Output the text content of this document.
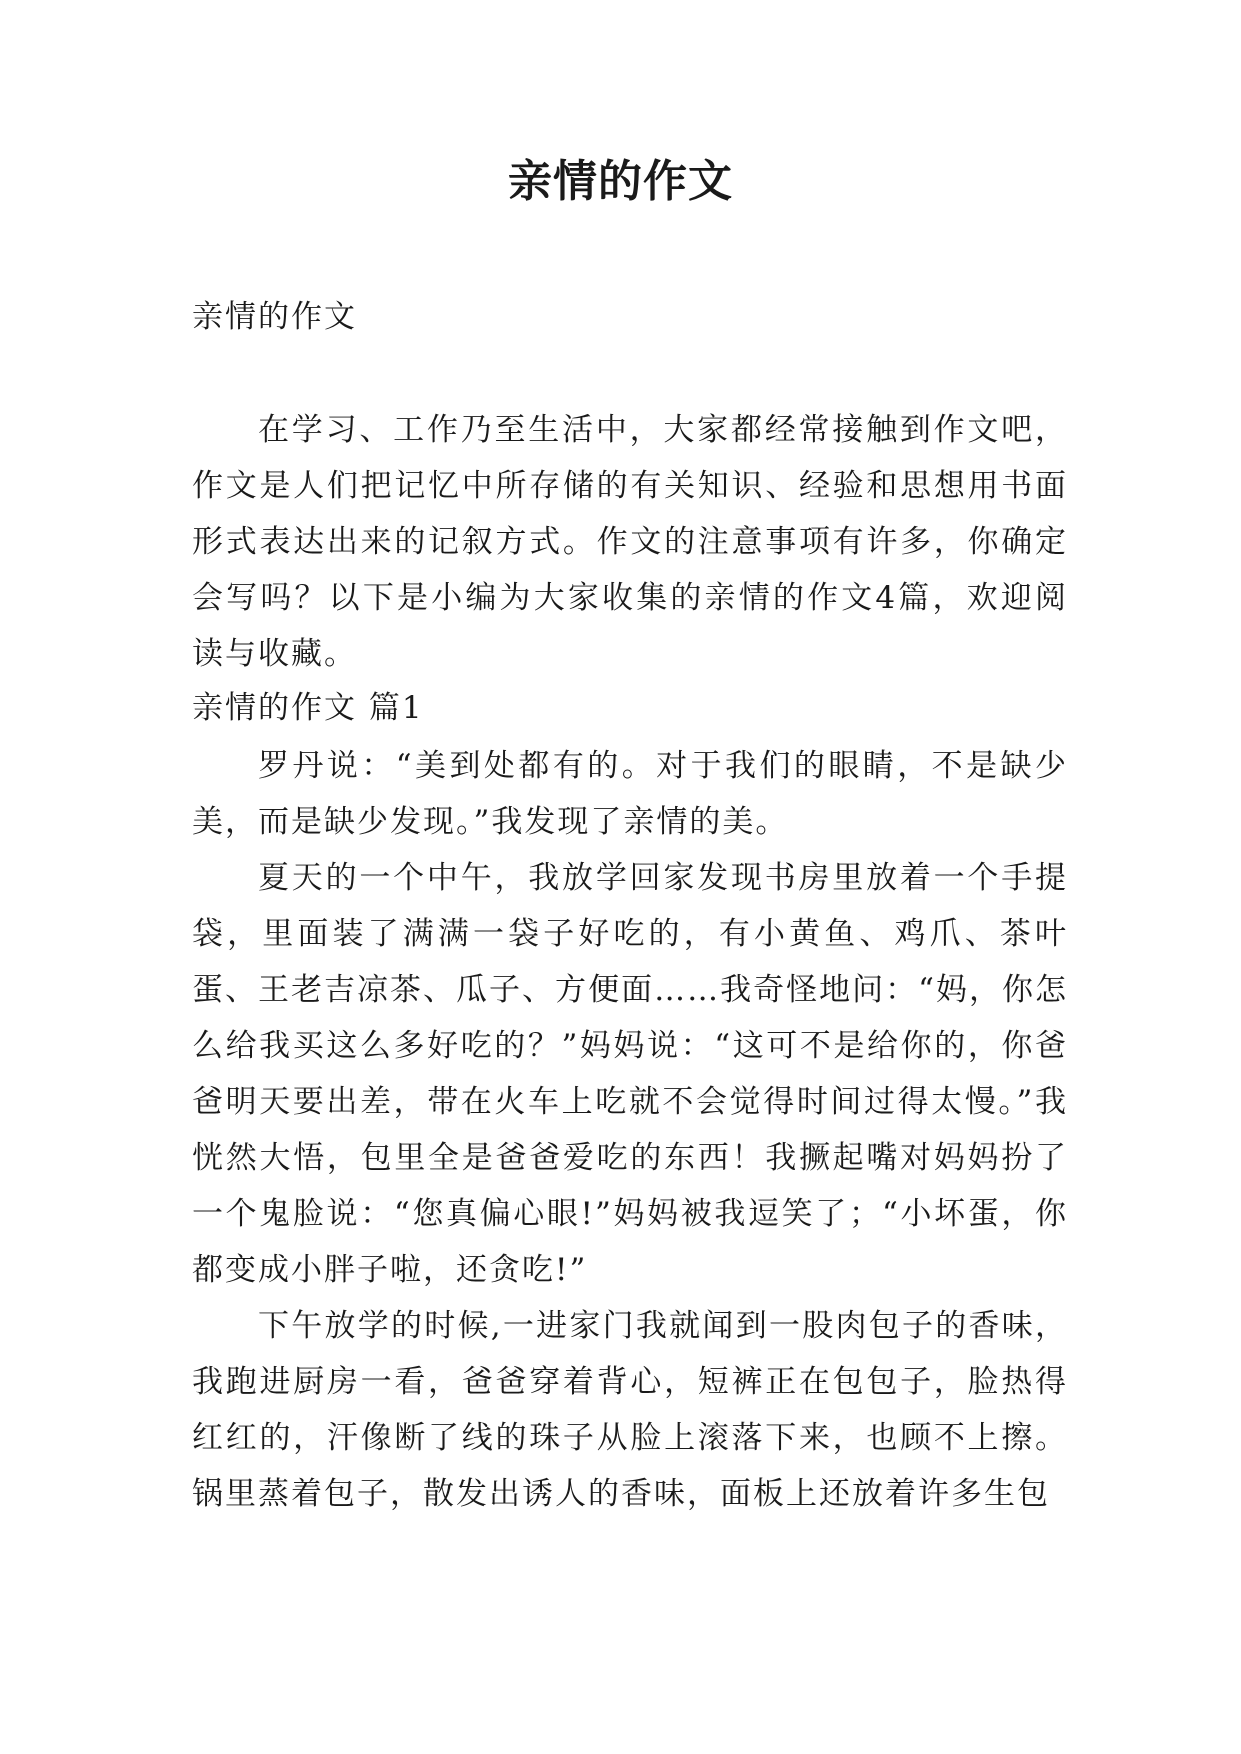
亲情的作文

亲情的作文

在学习、工作乃至生活中，大家都经常接触到作文吧，作文是人们把记忆中所存储的有关知识、经验和思想用书面形式表达出来的记叙方式。作文的注意事项有许多，你确定会写吗？以下是小编为大家收集的亲情的作文4篇，欢迎阅读与收藏。

亲情的作文 篇1

罗丹说：“美到处都有的。对于我们的眼睛，不是缺少美，而是缺少发现。”我发现了亲情的美。

夏天的一个中午，我放学回家发现书房里放着一个手提袋，里面装了满满一袋子好吃的，有小黄鱼、鸡爪、茶叶蛋、王老吉凉茶、瓜子、方便面……我奇怪地问：“妈，你怎么给我买这么多好吃的？”妈妈说：“这可不是给你的，你爸爸明天要出差，带在火车上吃就不会觉得时间过得太慢。”我恍然大悟，包里全是爸爸爱吃的东西！我撅起嘴对妈妈扮了一个鬼脸说：“您真偏心眼!”妈妈被我逗笑了；“小坏蛋，你都变成小胖子啦，还贪吃!”

下午放学的时候,一进家门我就闻到一股肉包子的香味，我跑进厨房一看，爸爸穿着背心，短裤正在包包子，脸热得红红的，汗像断了线的珠子从脸上滚落下来，也顾不上擦。锅里蒸着包子，散发出诱人的香味，面板上还放着许多生包
